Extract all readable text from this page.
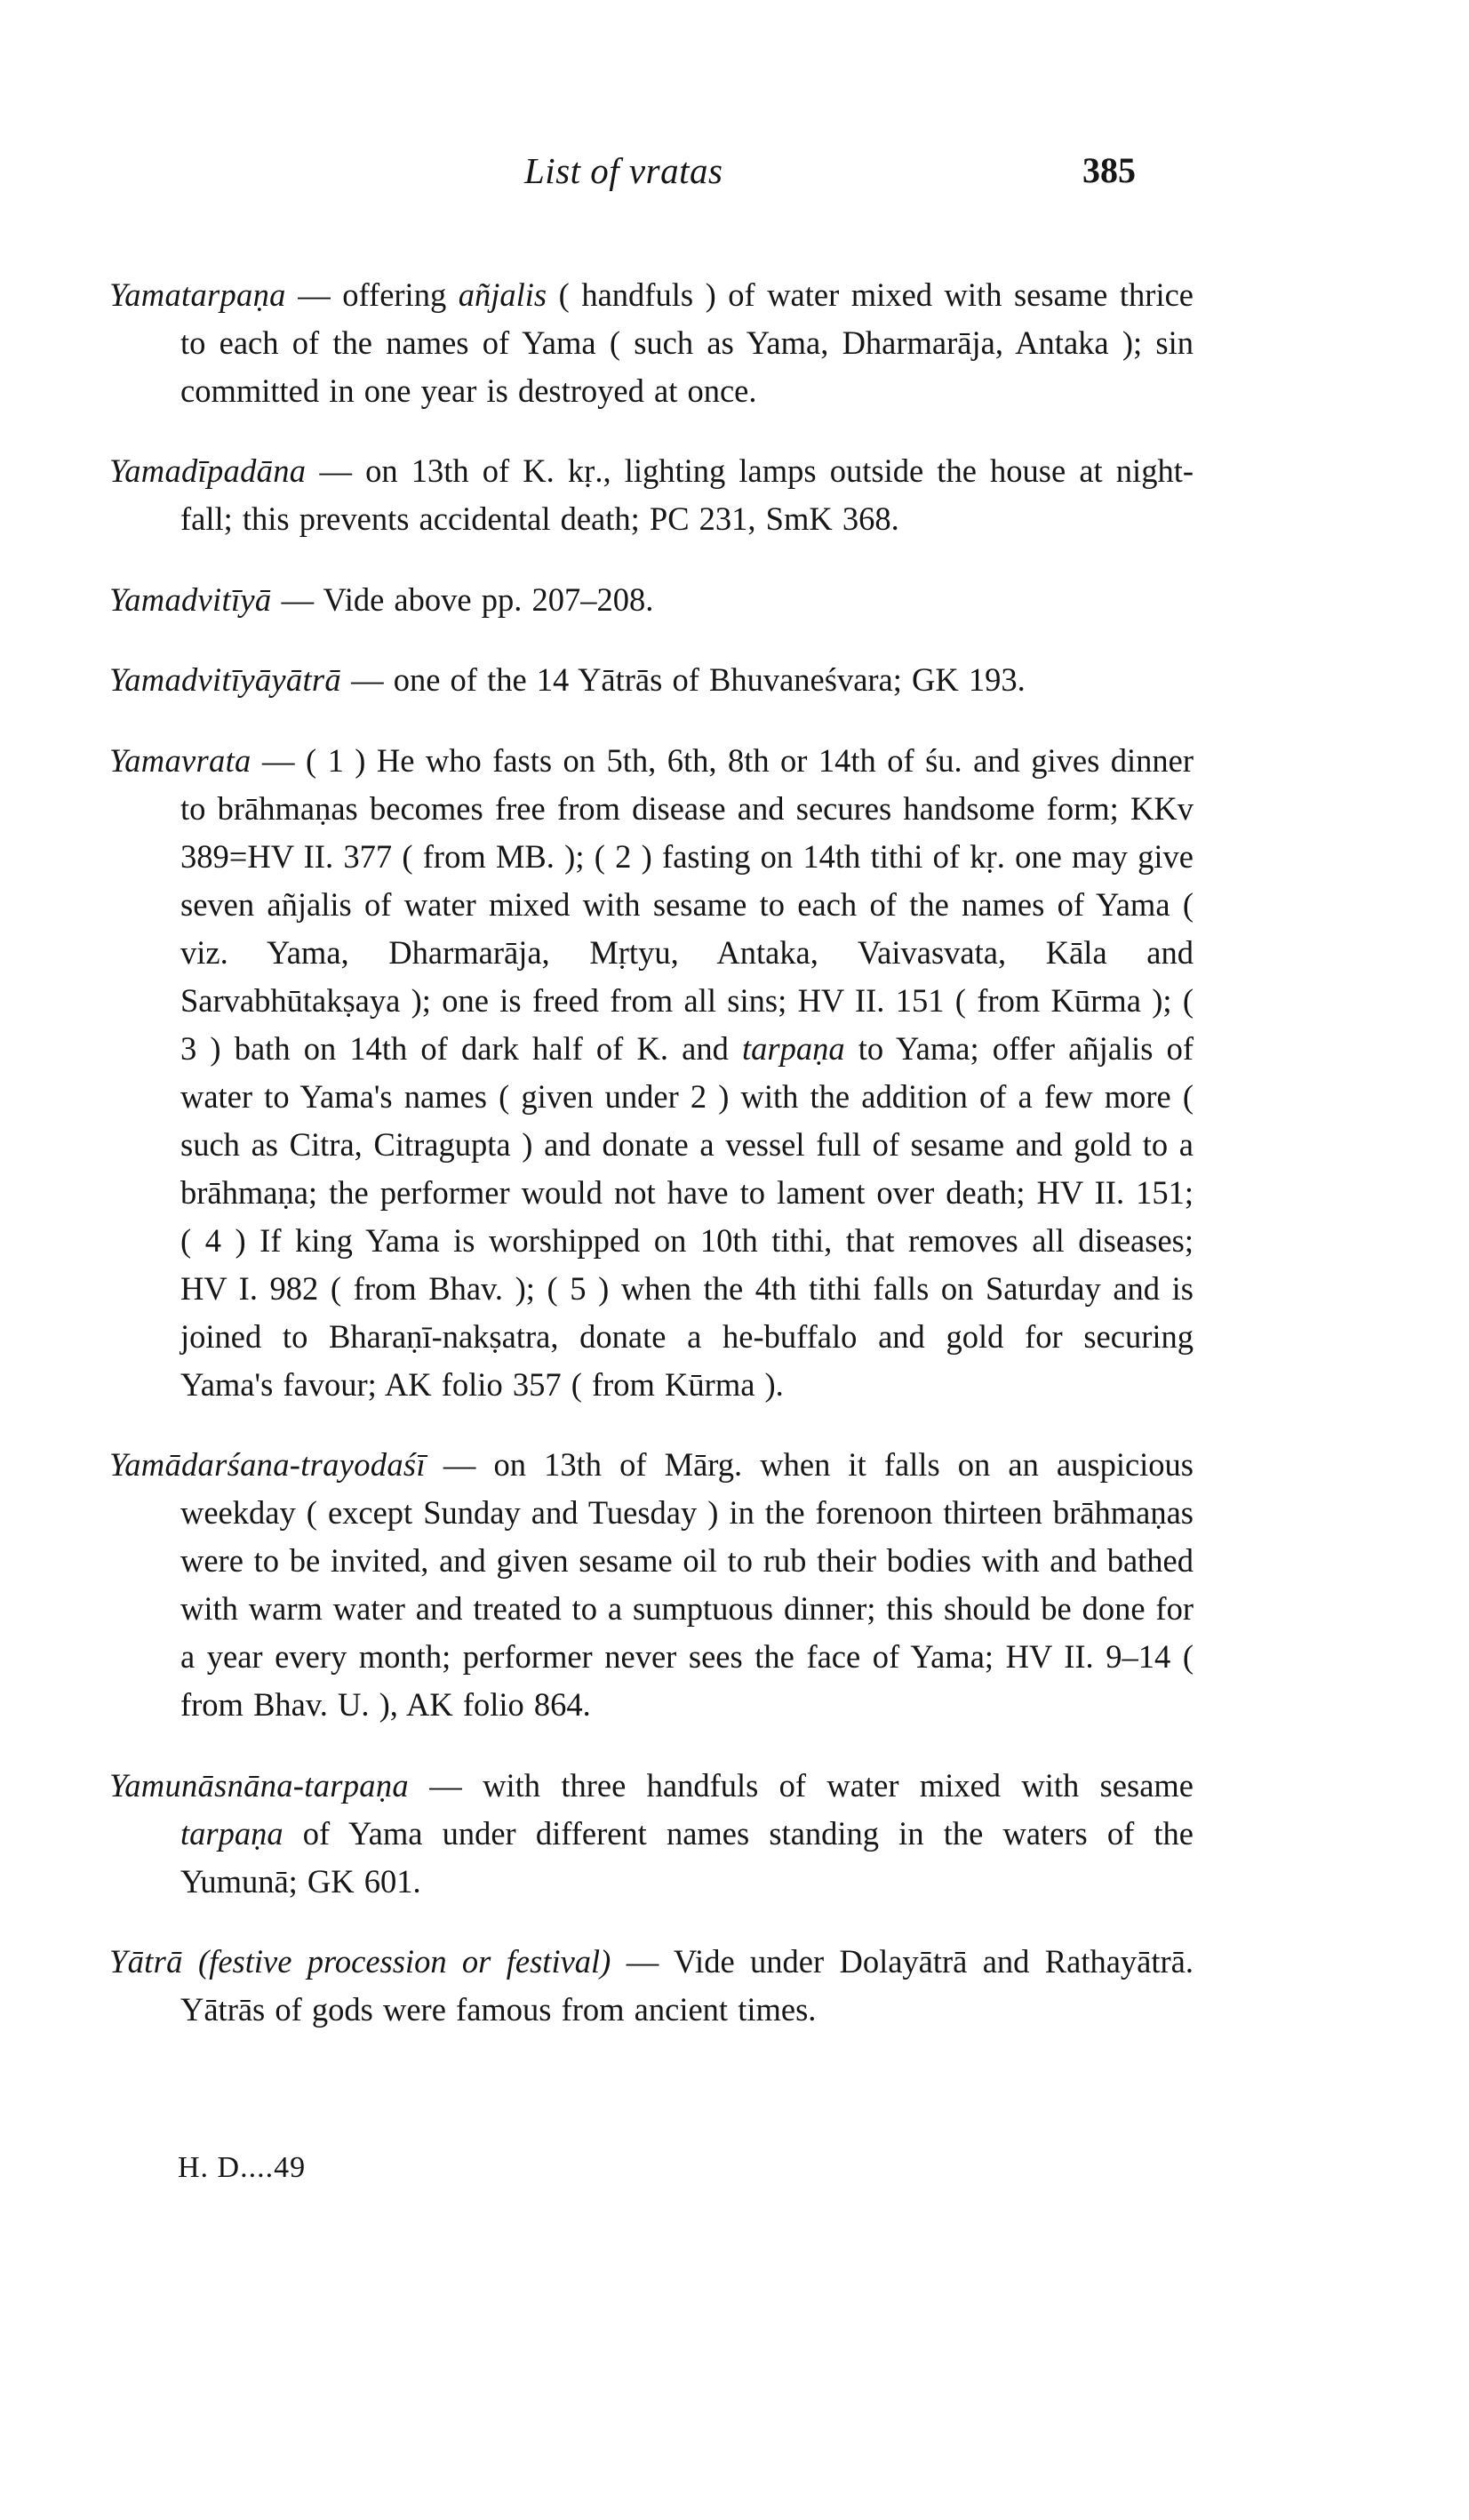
List of vratas	385

Yamatarpaṇa — offering añjalis ( handfuls ) of water mixed with sesame thrice to each of the names of Yama ( such as Yama, Dharmarāja, Antaka ); sin committed in one year is destroyed at once.

Yamadīpadāna — on 13th of K. kṛ., lighting lamps outside the house at night-fall; this prevents accidental death; PC 231, SmK 368.

Yamadvitīyā — Vide above pp. 207–208.

Yamadvitīyāyātrā — one of the 14 Yātrās of Bhuvaneśvara; GK 193.

Yamavrata — ( 1 ) He who fasts on 5th, 6th, 8th or 14th of śu. and gives dinner to brāhmaṇas becomes free from disease and secures handsome form; KKv 389=HV II. 377 ( from MB. ); ( 2 ) fasting on 14th tithi of kṛ. one may give seven añjalis of water mixed with sesame to each of the names of Yama ( viz. Yama, Dharmarāja, Mṛtyu, Antaka, Vaivasvata, Kāla and Sarvabhūtakṣaya ); one is freed from all sins; HV II. 151 ( from Kūrma ); ( 3 ) bath on 14th of dark half of K. and tarpaṇa to Yama; offer añjalis of water to Yama's names ( given under 2 ) with the addition of a few more ( such as Citra, Citragupta ) and donate a vessel full of sesame and gold to a brāhmaṇa; the performer would not have to lament over death; HV II. 151; ( 4 ) If king Yama is worshipped on 10th tithi, that removes all diseases; HV I. 982 ( from Bhav. ); ( 5 ) when the 4th tithi falls on Saturday and is joined to Bharaṇī-nakṣatra, donate a he-buffalo and gold for securing Yama's favour; AK folio 357 ( from Kūrma ).

Yamādarśana-trayodaśī — on 13th of Mārg. when it falls on an auspicious weekday ( except Sunday and Tuesday ) in the forenoon thirteen brāhmaṇas were to be invited, and given sesame oil to rub their bodies with and bathed with warm water and treated to a sumptuous dinner; this should be done for a year every month; performer never sees the face of Yama; HV II. 9–14 ( from Bhav. U. ), AK folio 864.

Yamunāsnāna-tarpaṇa — with three handfuls of water mixed with sesame tarpaṇa of Yama under different names standing in the waters of the Yumunā; GK 601.

Yātrā (festive procession or festival) — Vide under Dolayātrā and Rathayātrā. Yātrās of gods were famous from ancient times.

H. D....49
